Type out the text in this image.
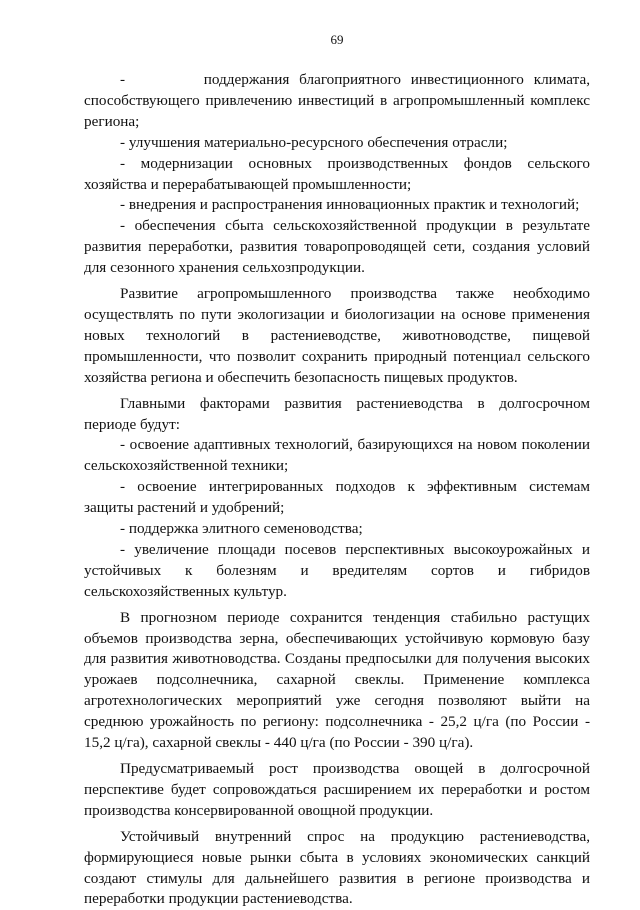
69

-        поддержания благоприятного инвестиционного климата, способствующего привлечению инвестиций в агропромышленный комплекс региона;

- улучшения материально-ресурсного обеспечения отрасли;

- модернизации основных производственных фондов сельского хозяйства и перерабатывающей промышленности;

- внедрения и распространения инновационных практик и технологий;

- обеспечения сбыта сельскохозяйственной продукции в результате развития переработки, развития товаропроводящей сети, создания условий для сезонного хранения сельхозпродукции.

Развитие агропромышленного производства также необходимо осуществлять по пути экологизации и биологизации на основе применения новых технологий в растениеводстве, животноводстве, пищевой промышленности, что позволит сохранить природный потенциал сельского хозяйства региона и обеспечить безопасность пищевых продуктов.

Главными факторами развития растениеводства в долгосрочном периоде будут:

- освоение адаптивных технологий, базирующихся на новом поколении сельскохозяйственной техники;

- освоение интегрированных подходов к эффективным системам защиты растений и удобрений;

- поддержка элитного семеноводства;

- увеличение площади посевов перспективных высокоурожайных и устойчивых к болезням и вредителям сортов и гибридов сельскохозяйственных культур.

В прогнозном периоде сохранится тенденция стабильно растущих объемов производства зерна, обеспечивающих устойчивую кормовую базу для развития животноводства. Созданы предпосылки для получения высоких урожаев подсолнечника, сахарной свеклы. Применение комплекса агротехнологических мероприятий уже сегодня позволяют выйти на среднюю урожайность по региону: подсолнечника - 25,2 ц/га (по России - 15,2 ц/га), сахарной свеклы - 440 ц/га (по России - 390 ц/га).

Предусматриваемый рост производства овощей в долгосрочной перспективе будет сопровождаться расширением их переработки и ростом производства консервированной овощной продукции.

Устойчивый внутренний спрос на продукцию растениеводства, формирующиеся новые рынки сбыта в условиях экономических санкций создают стимулы для дальнейшего развития в регионе производства и переработки продукции растениеводства.
